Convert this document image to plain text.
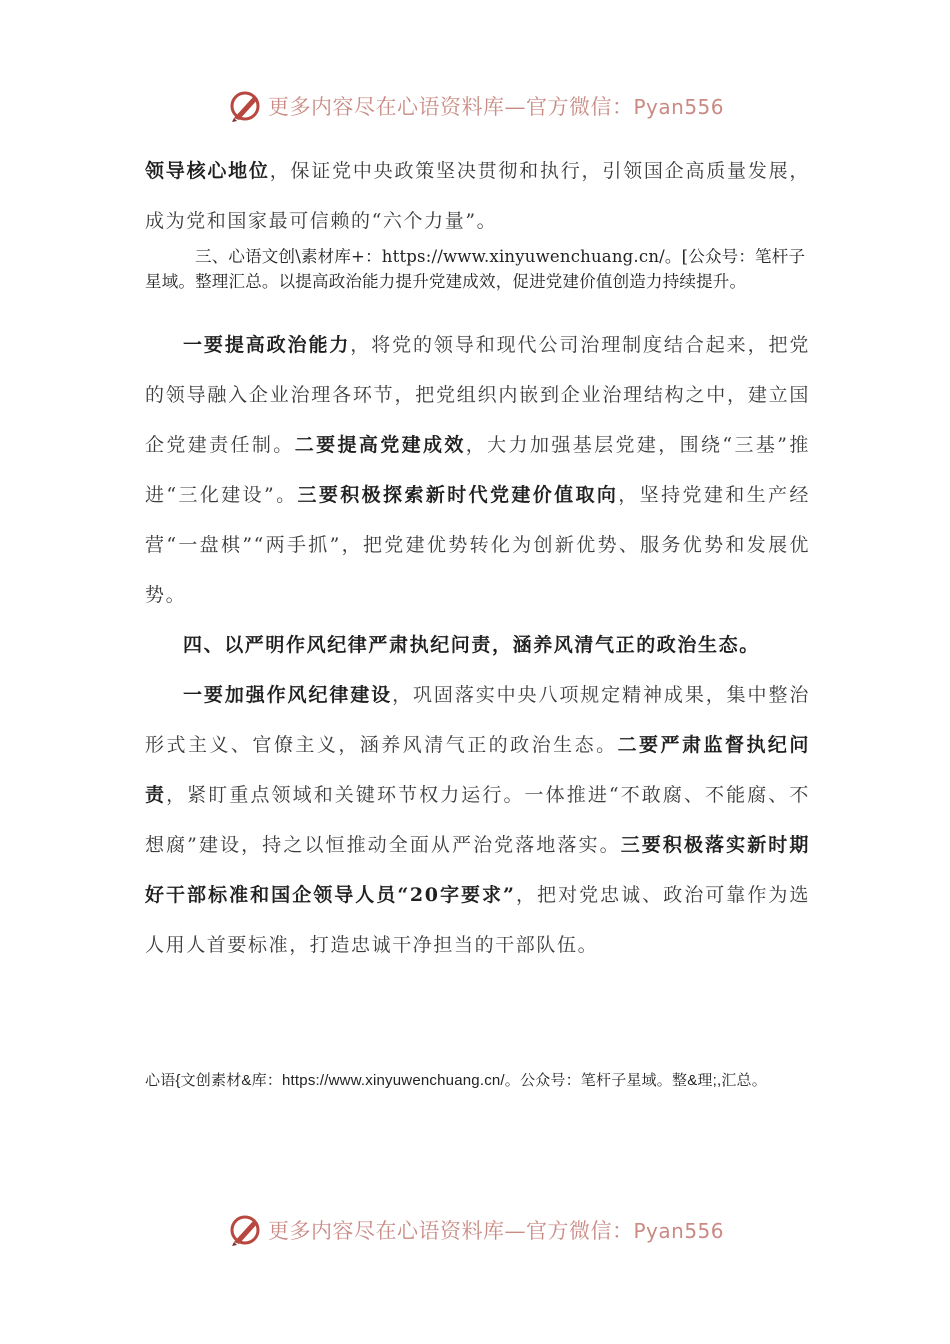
更多内容尽在心语资料库—官方微信：Pyan556

领导核心地位，保证党中央政策坚决贯彻和执行，引领国企高质量发展，成为党和国家最可信赖的“六个力量”。

三、心语文创\素材库+：https://www.xinyuwenchuang.cn/。[公众号：笔杆子星域。整理汇总。以提高政治能力提升党建成效，促进党建价值创造力持续提升。

一要提高政治能力，将党的领导和现代公司治理制度结合起来，把党的领导融入企业治理各环节，把党组织内嵌到企业治理结构之中，建立国企党建责任制。二要提高党建成效，大力加强基层党建，围绕“三基”推进“三化建设”。三要积极探索新时代党建价值取向，坚持党建和生产经营“一盘棋”“两手抓”，把党建优势转化为创新优势、服务优势和发展优势。

四、以严明作风纪律严肃执纪问责，涵养风清气正的政治生态。

一要加强作风纪律建设，巩固落实中央八项规定精神成果，集中整治形式主义、官僚主义，涵养风清气正的政治生态。二要严肃监督执纪问责，紧盯重点领域和关键环节权力运行。一体推进“不敢腐、不能腐、不想腐”建设，持之以恒推动全面从严治党落地落实。三要积极落实新时期好干部标准和国企领导人员“20字要求”，把对党忠诚、政治可靠作为选人用人首要标准，打造忠诚干净担当的干部队伍。

心语{文创素材&库：https://www.xinyuwenchuang.cn/。公众号：笔杆子星域。整&理;,汇总。
更多内容尽在心语资料库—官方微信：Pyan556
